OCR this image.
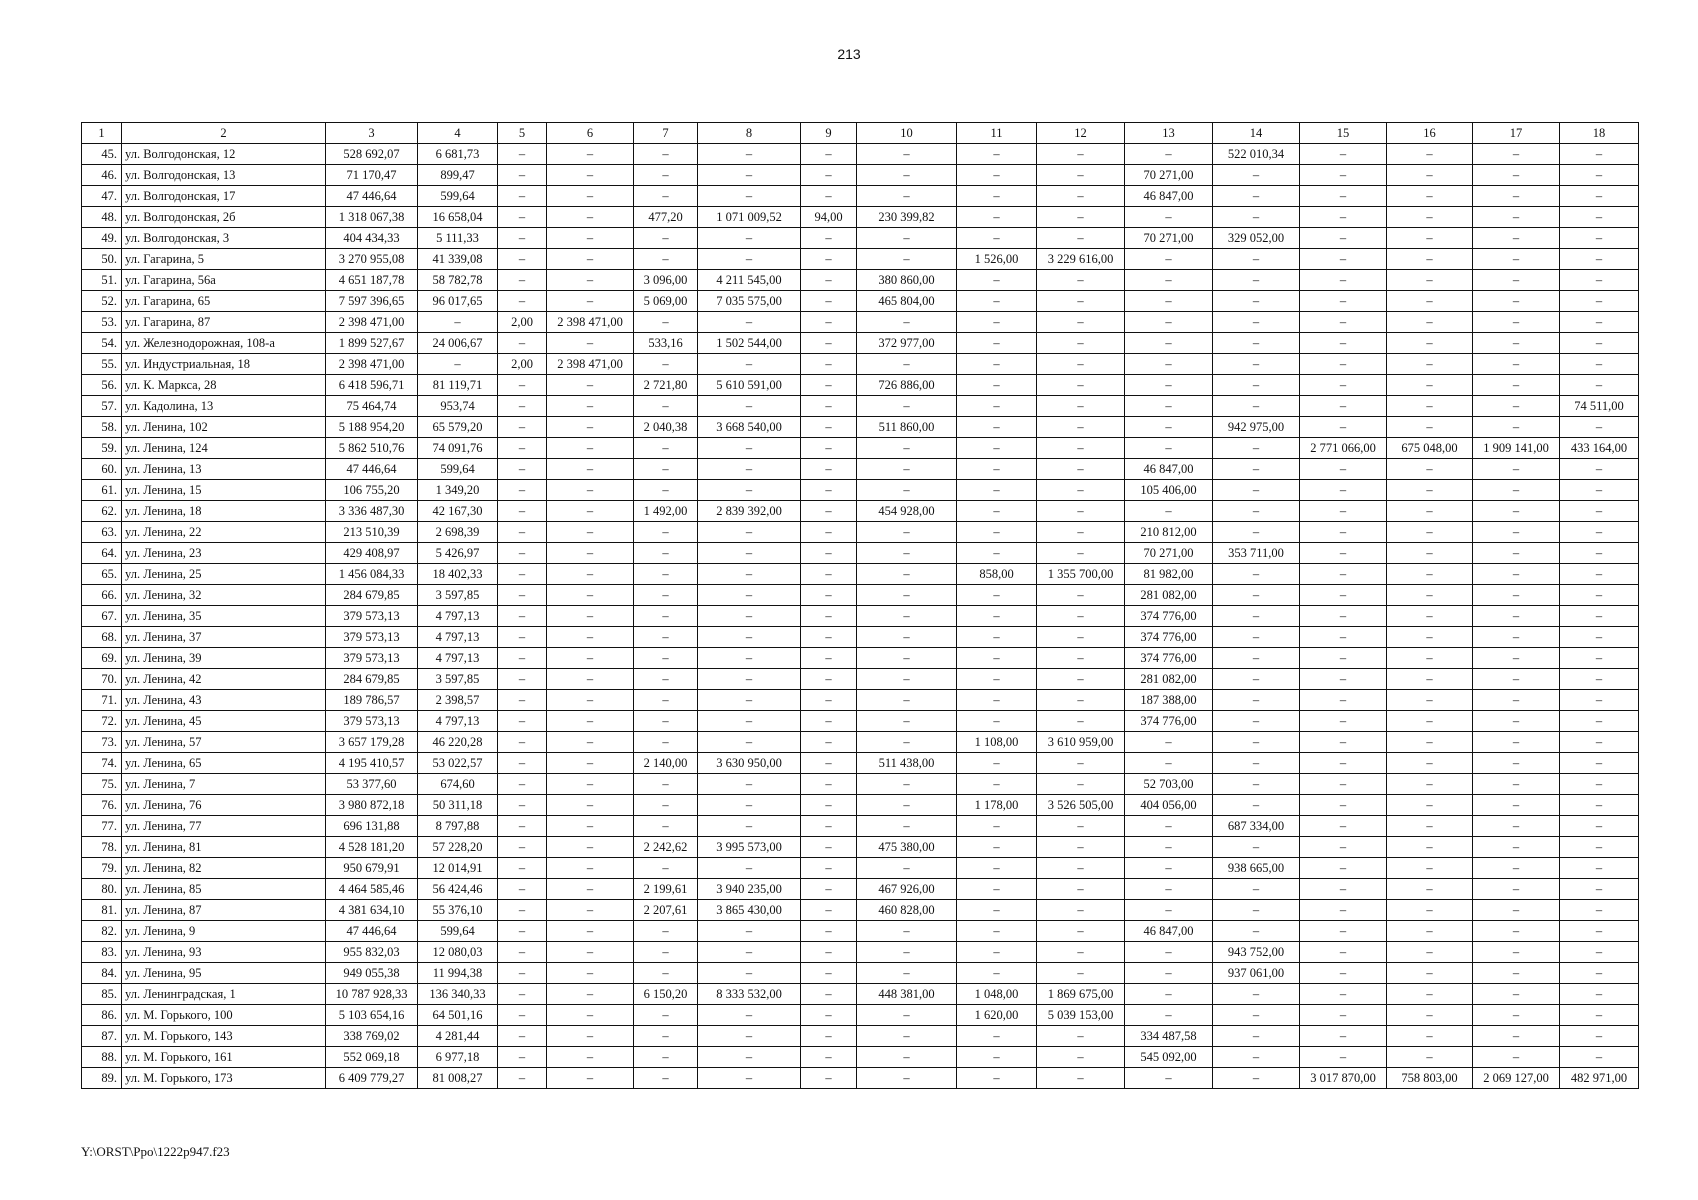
213
1	2	3	4	5	6	7	8	9	10	11	12	13	14	15	16	17	18
45.	ул. Волгодонская, 12	528 692,07	6 681,73	–	–	–	–	–	–	–	–	–	522 010,34	–	–	–	–
46.	ул. Волгодонская, 13	71 170,47	899,47	–	–	–	–	–	–	–	–	70 271,00	–	–	–	–	–
47.	ул. Волгодонская, 17	47 446,64	599,64	–	–	–	–	–	–	–	–	46 847,00	–	–	–	–	–
48.	ул. Волгодонская, 2б	1 318 067,38	16 658,04	–	–	477,20	1 071 009,52	94,00	230 399,82	–	–	–	–	–	–	–	–
49.	ул. Волгодонская, 3	404 434,33	5 111,33	–	–	–	–	–	–	–	–	70 271,00	329 052,00	–	–	–	–
50.	ул. Гагарина, 5	3 270 955,08	41 339,08	–	–	–	–	–	–	1 526,00	3 229 616,00	–	–	–	–	–	–
51.	ул. Гагарина, 56а	4 651 187,78	58 782,78	–	–	3 096,00	4 211 545,00	–	380 860,00	–	–	–	–	–	–	–	–
52.	ул. Гагарина, 65	7 597 396,65	96 017,65	–	–	5 069,00	7 035 575,00	–	465 804,00	–	–	–	–	–	–	–	–
53.	ул. Гагарина, 87	2 398 471,00	–	2,00	2 398 471,00	–	–	–	–	–	–	–	–	–	–	–	–
54.	ул. Железнодорожная, 108-а	1 899 527,67	24 006,67	–	–	533,16	1 502 544,00	–	372 977,00	–	–	–	–	–	–	–	–
55.	ул. Индустриальная, 18	2 398 471,00	–	2,00	2 398 471,00	–	–	–	–	–	–	–	–	–	–	–	–
56.	ул. К. Маркса, 28	6 418 596,71	81 119,71	–	–	2 721,80	5 610 591,00	–	726 886,00	–	–	–	–	–	–	–	–
57.	ул. Кадолина, 13	75 464,74	953,74	–	–	–	–	–	–	–	–	–	–	–	–	–	74 511,00
58.	ул. Ленина, 102	5 188 954,20	65 579,20	–	–	2 040,38	3 668 540,00	–	511 860,00	–	–	–	942 975,00	–	–	–	–
59.	ул. Ленина, 124	5 862 510,76	74 091,76	–	–	–	–	–	–	–	–	–	–	2 771 066,00	675 048,00	1 909 141,00	433 164,00
60.	ул. Ленина, 13	47 446,64	599,64	–	–	–	–	–	–	–	–	46 847,00	–	–	–	–	–
61.	ул. Ленина, 15	106 755,20	1 349,20	–	–	–	–	–	–	–	–	105 406,00	–	–	–	–	–
62.	ул. Ленина, 18	3 336 487,30	42 167,30	–	–	1 492,00	2 839 392,00	–	454 928,00	–	–	–	–	–	–	–	–
63.	ул. Ленина, 22	213 510,39	2 698,39	–	–	–	–	–	–	–	–	210 812,00	–	–	–	–	–
64.	ул. Ленина, 23	429 408,97	5 426,97	–	–	–	–	–	–	–	–	70 271,00	353 711,00	–	–	–	–
65.	ул. Ленина, 25	1 456 084,33	18 402,33	–	–	–	–	–	–	858,00	1 355 700,00	81 982,00	–	–	–	–	–
66.	ул. Ленина, 32	284 679,85	3 597,85	–	–	–	–	–	–	–	–	281 082,00	–	–	–	–	–
67.	ул. Ленина, 35	379 573,13	4 797,13	–	–	–	–	–	–	–	–	374 776,00	–	–	–	–	–
68.	ул. Ленина, 37	379 573,13	4 797,13	–	–	–	–	–	–	–	–	374 776,00	–	–	–	–	–
69.	ул. Ленина, 39	379 573,13	4 797,13	–	–	–	–	–	–	–	–	374 776,00	–	–	–	–	–
70.	ул. Ленина, 42	284 679,85	3 597,85	–	–	–	–	–	–	–	–	281 082,00	–	–	–	–	–
71.	ул. Ленина, 43	189 786,57	2 398,57	–	–	–	–	–	–	–	–	187 388,00	–	–	–	–	–
72.	ул. Ленина, 45	379 573,13	4 797,13	–	–	–	–	–	–	–	–	374 776,00	–	–	–	–	–
73.	ул. Ленина, 57	3 657 179,28	46 220,28	–	–	–	–	–	–	1 108,00	3 610 959,00	–	–	–	–	–	–
74.	ул. Ленина, 65	4 195 410,57	53 022,57	–	–	2 140,00	3 630 950,00	–	511 438,00	–	–	–	–	–	–	–	–
75.	ул. Ленина, 7	53 377,60	674,60	–	–	–	–	–	–	–	–	52 703,00	–	–	–	–	–
76.	ул. Ленина, 76	3 980 872,18	50 311,18	–	–	–	–	–	–	1 178,00	3 526 505,00	404 056,00	–	–	–	–	–
77.	ул. Ленина, 77	696 131,88	8 797,88	–	–	–	–	–	–	–	–	–	687 334,00	–	–	–	–
78.	ул. Ленина, 81	4 528 181,20	57 228,20	–	–	2 242,62	3 995 573,00	–	475 380,00	–	–	–	–	–	–	–	–
79.	ул. Ленина, 82	950 679,91	12 014,91	–	–	–	–	–	–	–	–	–	938 665,00	–	–	–	–
80.	ул. Ленина, 85	4 464 585,46	56 424,46	–	–	2 199,61	3 940 235,00	–	467 926,00	–	–	–	–	–	–	–	–
81.	ул. Ленина, 87	4 381 634,10	55 376,10	–	–	2 207,61	3 865 430,00	–	460 828,00	–	–	–	–	–	–	–	–
82.	ул. Ленина, 9	47 446,64	599,64	–	–	–	–	–	–	–	–	46 847,00	–	–	–	–	–
83.	ул. Ленина, 93	955 832,03	12 080,03	–	–	–	–	–	–	–	–	–	943 752,00	–	–	–	–
84.	ул. Ленина, 95	949 055,38	11 994,38	–	–	–	–	–	–	–	–	–	937 061,00	–	–	–	–
85.	ул. Ленинградская, 1	10 787 928,33	136 340,33	–	–	6 150,20	8 333 532,00	–	448 381,00	1 048,00	1 869 675,00	–	–	–	–	–	–
86.	ул. М. Горького, 100	5 103 654,16	64 501,16	–	–	–	–	–	–	1 620,00	5 039 153,00	–	–	–	–	–	–
87.	ул. М. Горького, 143	338 769,02	4 281,44	–	–	–	–	–	–	–	–	334 487,58	–	–	–	–	–
88.	ул. М. Горького, 161	552 069,18	6 977,18	–	–	–	–	–	–	–	–	545 092,00	–	–	–	–	–
89.	ул. М. Горького, 173	6 409 779,27	81 008,27	–	–	–	–	–	–	–	–	–	–	3 017 870,00	758 803,00	2 069 127,00	482 971,00
Y:\ORST\Ppo\1222p947.f23
